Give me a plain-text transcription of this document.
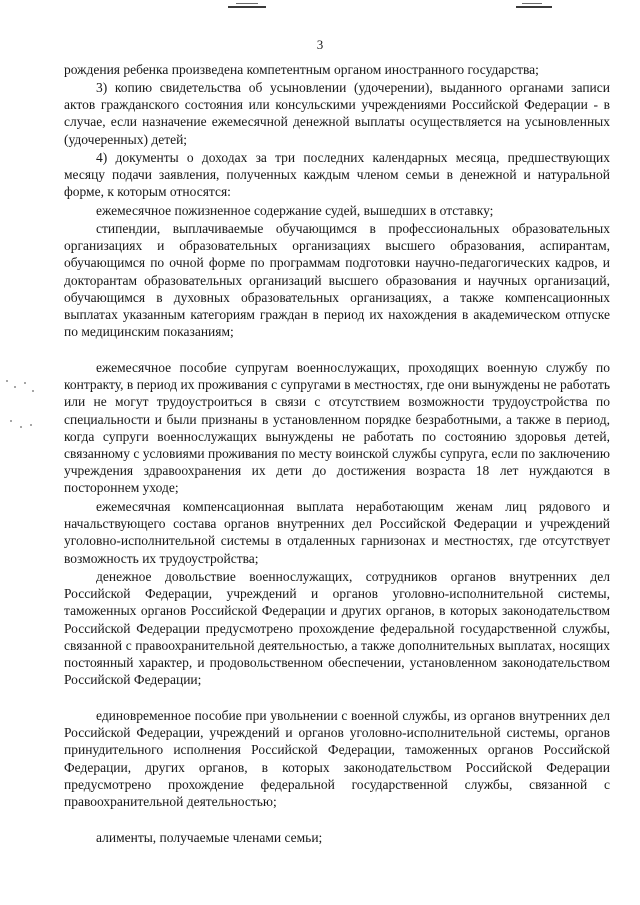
3

рождения ребенка произведена компетентным органом иностранного государства;

3) копию свидетельства об усыновлении (удочерении), выданного органами записи актов гражданского состояния или консульскими учреждениями Российской Федерации - в случае, если назначение ежемесячной денежной выплаты осуществляется на усыновленных (удочеренных) детей;

4) документы о доходах за три последних календарных месяца, предшествующих месяцу подачи заявления, полученных каждым членом семьи в денежной и натуральной форме, к которым относятся:

ежемесячное пожизненное содержание судей, вышедших в отставку;

стипендии, выплачиваемые обучающимся в профессиональных образовательных организациях и образовательных организациях высшего образования, аспирантам, обучающимся по очной форме по программам подготовки научно-педагогических кадров, и докторантам образовательных организаций высшего образования и научных организаций, обучающимся в духовных образовательных организациях, а также компенсационных выплатах указанным категориям граждан в период их нахождения в академическом отпуске по медицинским показаниям;

ежемесячное пособие супругам военнослужащих, проходящих военную службу по контракту, в период их проживания с супругами в местностях, где они вынуждены не работать или не могут трудоустроиться в связи с отсутствием возможности трудоустройства по специальности и были признаны в установленном порядке безработными, а также в период, когда супруги военнослужащих вынуждены не работать по состоянию здоровья детей, связанному с условиями проживания по месту воинской службы супруга, если по заключению учреждения здравоохранения их дети до достижения возраста 18 лет нуждаются в постороннем уходе;

ежемесячная компенсационная выплата неработающим женам лиц рядового и начальствующего состава органов внутренних дел Российской Федерации и учреждений уголовно-исполнительной системы в отдаленных гарнизонах и местностях, где отсутствует возможность их трудоустройства;

денежное довольствие военнослужащих, сотрудников органов внутренних дел Российской Федерации, учреждений и органов уголовно-исполнительной системы, таможенных органов Российской Федерации и других органов, в которых законодательством Российской Федерации предусмотрено прохождение федеральной государственной службы, связанной с правоохранительной деятельностью, а также дополнительных выплатах, носящих постоянный характер, и продовольственном обеспечении, установленном законодательством Российской Федерации;

единовременное пособие при увольнении с военной службы, из органов внутренних дел Российской Федерации, учреждений и органов уголовно-исполнительной системы, органов принудительного исполнения Российской Федерации, таможенных органов Российской Федерации, других органов, в которых законодательством Российской Федерации предусмотрено прохождение федеральной государственной службы, связанной с правоохранительной деятельностью;

алименты, получаемые членами семьи;
